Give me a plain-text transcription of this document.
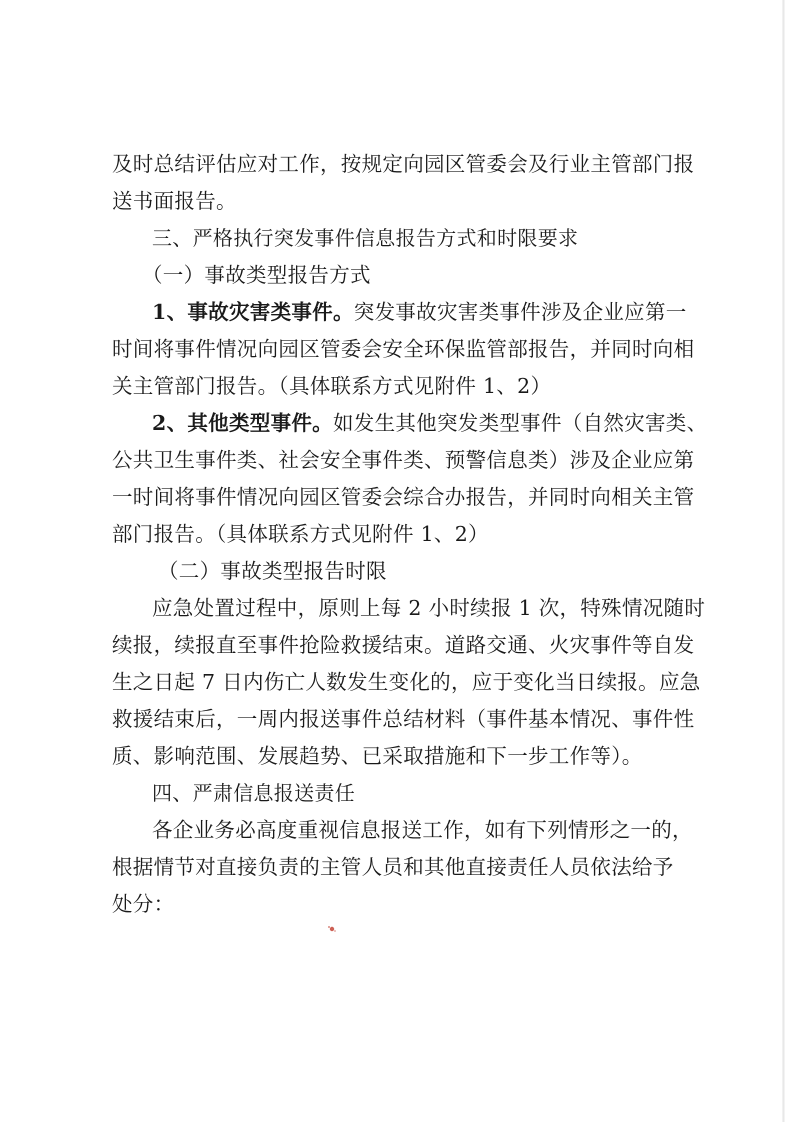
及时总结评估应对工作，按规定向园区管委会及行业主管部门报
送书面报告。
三、严格执行突发事件信息报告方式和时限要求
（一）事故类型报告方式
1、事故灾害类事件。突发事故灾害类事件涉及企业应第一
时间将事件情况向园区管委会安全环保监管部报告，并同时向相
关主管部门报告。（具体联系方式见附件 1、2）
2、其他类型事件。如发生其他突发类型事件（自然灾害类、
公共卫生事件类、社会安全事件类、预警信息类）涉及企业应第
一时间将事件情况向园区管委会综合办报告，并同时向相关主管
部门报告。（具体联系方式见附件 1、2）
（二）事故类型报告时限
应急处置过程中，原则上每 2 小时续报 1 次，特殊情况随时
续报，续报直至事件抢险救援结束。道路交通、火灾事件等自发
生之日起 7 日内伤亡人数发生变化的，应于变化当日续报。应急
救援结束后，一周内报送事件总结材料（事件基本情况、事件性
质、影响范围、发展趋势、已采取措施和下一步工作等）。
四、严肃信息报送责任
各企业务必高度重视信息报送工作，如有下列情形之一的，
根据情节对直接负责的主管人员和其他直接责任人员依法给予
处分：
